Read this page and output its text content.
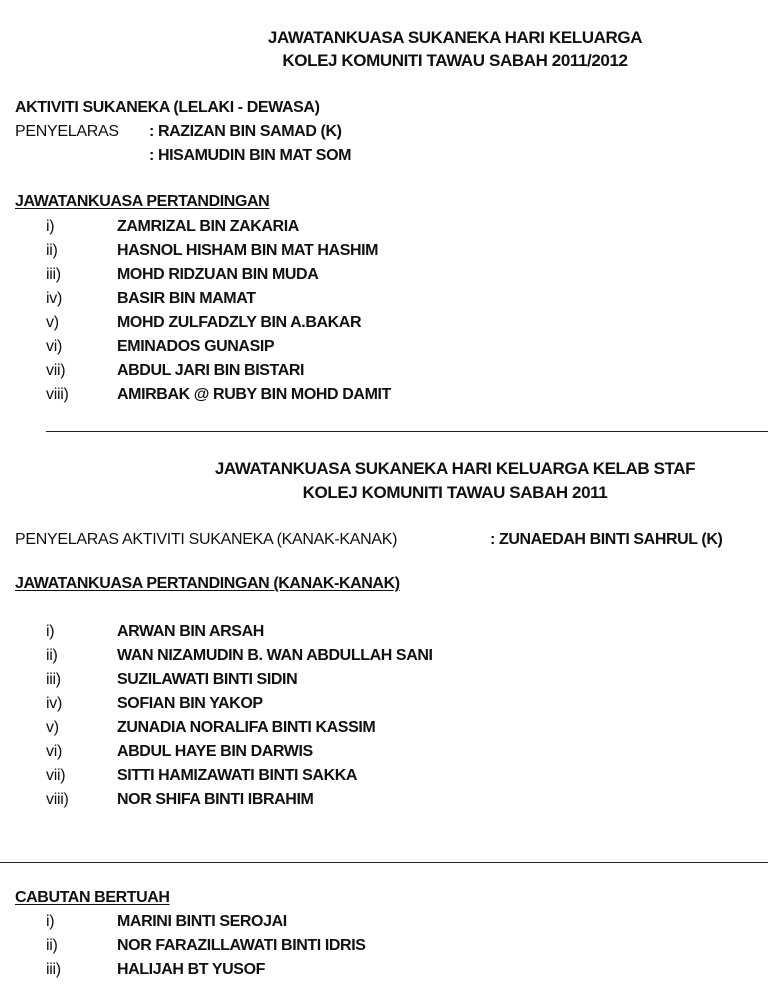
JAWATANKUASA SUKANEKA HARI KELUARGA
KOLEJ KOMUNITI TAWAU SABAH 2011/2012
AKTIVITI SUKANEKA (LELAKI - DEWASA)
PENYELARAS : RAZIZAN BIN SAMAD (K)
: HISAMUDIN BIN MAT SOM
JAWATANKUASA PERTANDINGAN
i)	ZAMRIZAL BIN ZAKARIA
ii)	HASNOL HISHAM BIN MAT HASHIM
iii)	MOHD RIDZUAN BIN MUDA
iv)	BASIR BIN MAMAT
v)	MOHD ZULFADZLY BIN A.BAKAR
vi)	EMINADOS GUNASIP
vii)	ABDUL JARI BIN BISTARI
viii)	AMIRBAK @ RUBY BIN MOHD DAMIT
JAWATANKUASA SUKANEKA HARI KELUARGA KELAB STAF
KOLEJ KOMUNITI TAWAU SABAH 2011
PENYELARAS AKTIVITI SUKANEKA (KANAK-KANAK)	: ZUNAEDAH BINTI SAHRUL (K)
JAWATANKUASA PERTANDINGAN (KANAK-KANAK)
i)	ARWAN BIN ARSAH
ii)	WAN NIZAMUDIN B. WAN ABDULLAH SANI
iii)	SUZILAWATI BINTI SIDIN
iv)	SOFIAN BIN YAKOP
v)	ZUNADIA NORALIFA BINTI KASSIM
vi)	ABDUL HAYE BIN DARWIS
vii)	SITTI HAMIZAWATI BINTI SAKKA
viii)	NOR SHIFA BINTI IBRAHIM
CABUTAN BERTUAH
i)	MARINI BINTI SEROJAI
ii)	NOR FARAZILLAWATI BINTI IDRIS
iii)	HALIJAH BT YUSOF
